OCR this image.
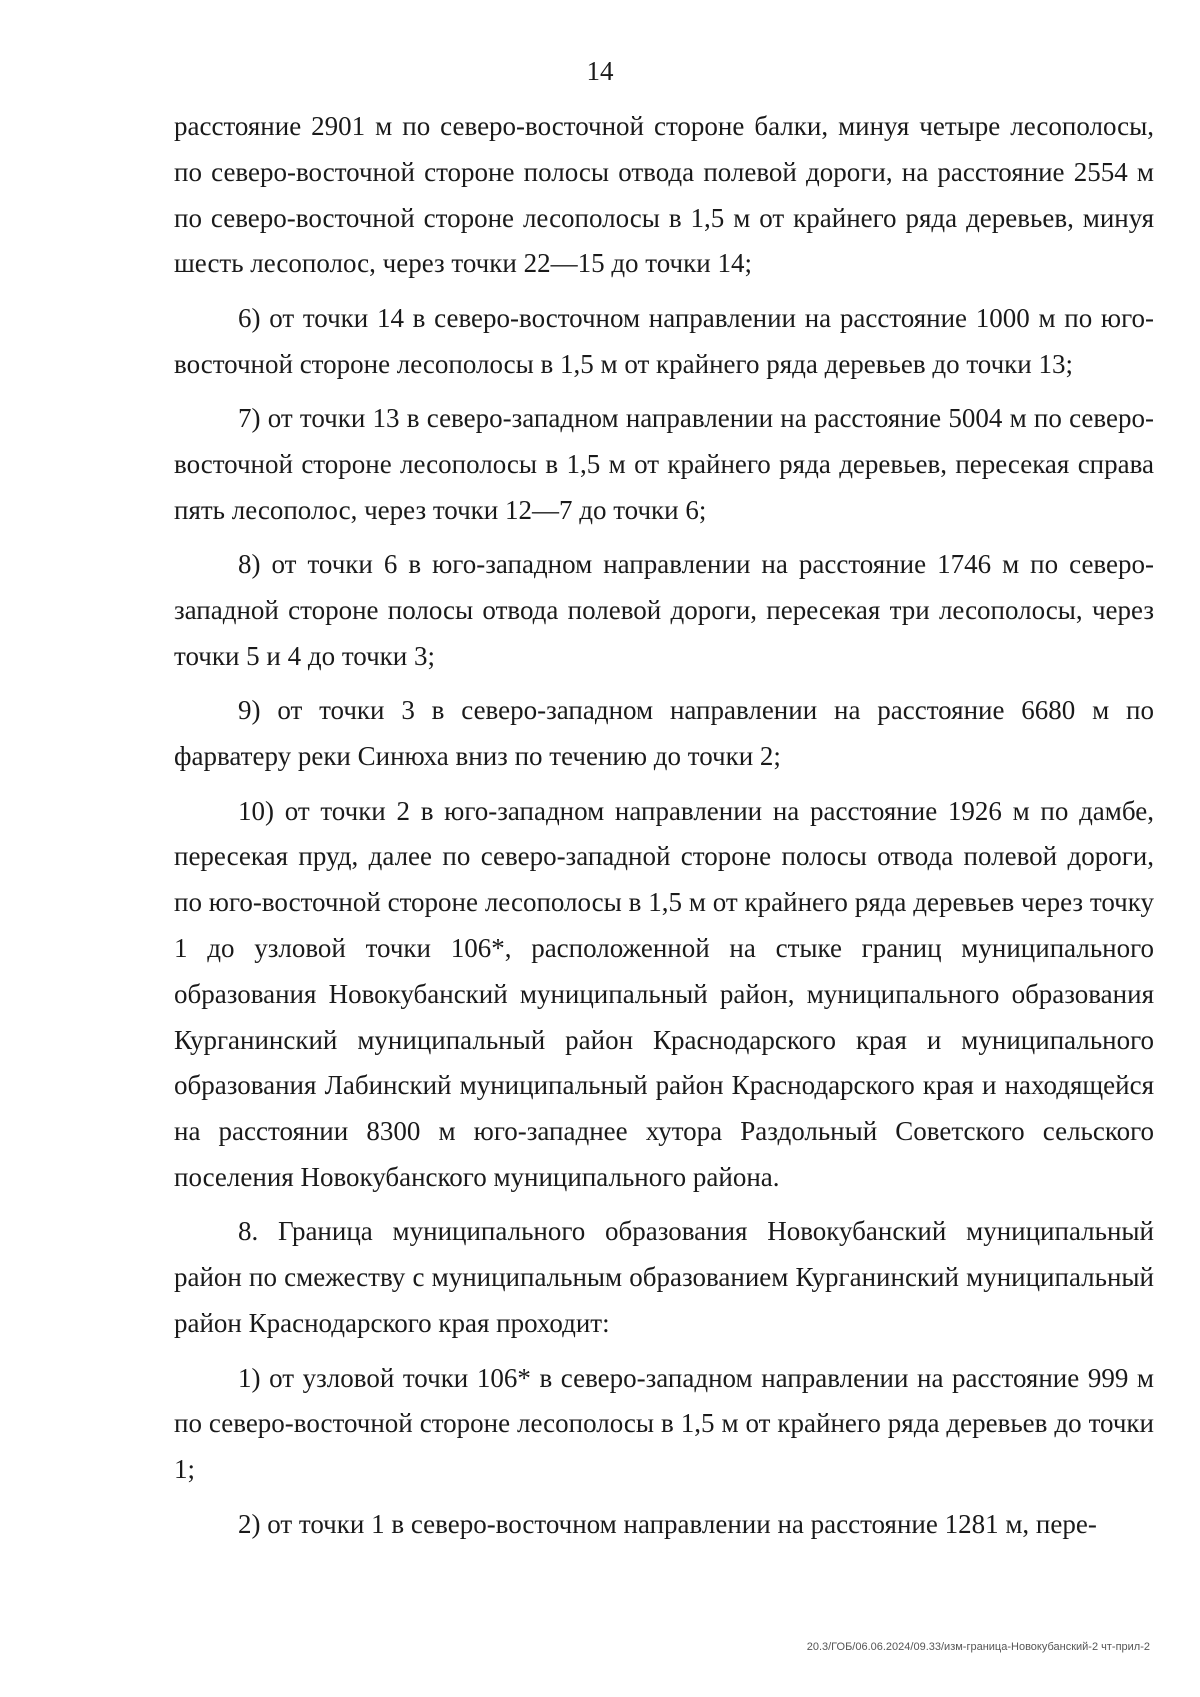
14

расстояние 2901 м по северо-восточной стороне балки, минуя четыре лесополосы, по северо-восточной стороне полосы отвода полевой дороги, на расстояние 2554 м по северо-восточной стороне лесополосы в 1,5 м от крайнего ряда деревьев, минуя шесть лесополос, через точки 22—15 до точки 14;

6) от точки 14 в северо-восточном направлении на расстояние 1000 м по юго-восточной стороне лесополосы в 1,5 м от крайнего ряда деревьев до точки 13;

7) от точки 13 в северо-западном направлении на расстояние 5004 м по северо-восточной стороне лесополосы в 1,5 м от крайнего ряда деревьев, пересекая справа пять лесополос, через точки 12—7 до точки 6;

8) от точки 6 в юго-западном направлении на расстояние 1746 м по северо-западной стороне полосы отвода полевой дороги, пересекая три лесополосы, через точки 5 и 4 до точки 3;

9) от точки 3 в северо-западном направлении на расстояние 6680 м по фарватеру реки Синюха вниз по течению до точки 2;

10) от точки 2 в юго-западном направлении на расстояние 1926 м по дамбе, пересекая пруд, далее по северо-западной стороне полосы отвода полевой дороги, по юго-восточной стороне лесополосы в 1,5 м от крайнего ряда деревьев через точку 1 до узловой точки 106*, расположенной на стыке границ муниципального образования Новокубанский муниципальный район, муниципального образования Курганинский муниципальный район Краснодарского края и муниципального образования Лабинский муниципальный район Краснодарского края и находящейся на расстоянии 8300 м юго-западнее хутора Раздольный Советского сельского поселения Новокубанского муниципального района.

8. Граница муниципального образования Новокубанский муниципальный район по смежеству с муниципальным образованием Курганинский муниципальный район Краснодарского края проходит:

1) от узловой точки 106* в северо-западном направлении на расстояние 999 м по северо-восточной стороне лесополосы в 1,5 м от крайнего ряда деревьев до точки 1;

2) от точки 1 в северо-восточном направлении на расстояние 1281 м, пере-

20.3/ГОБ/06.06.2024/09.33/изм-граница-Новокубанский-2 чт-прил-2
